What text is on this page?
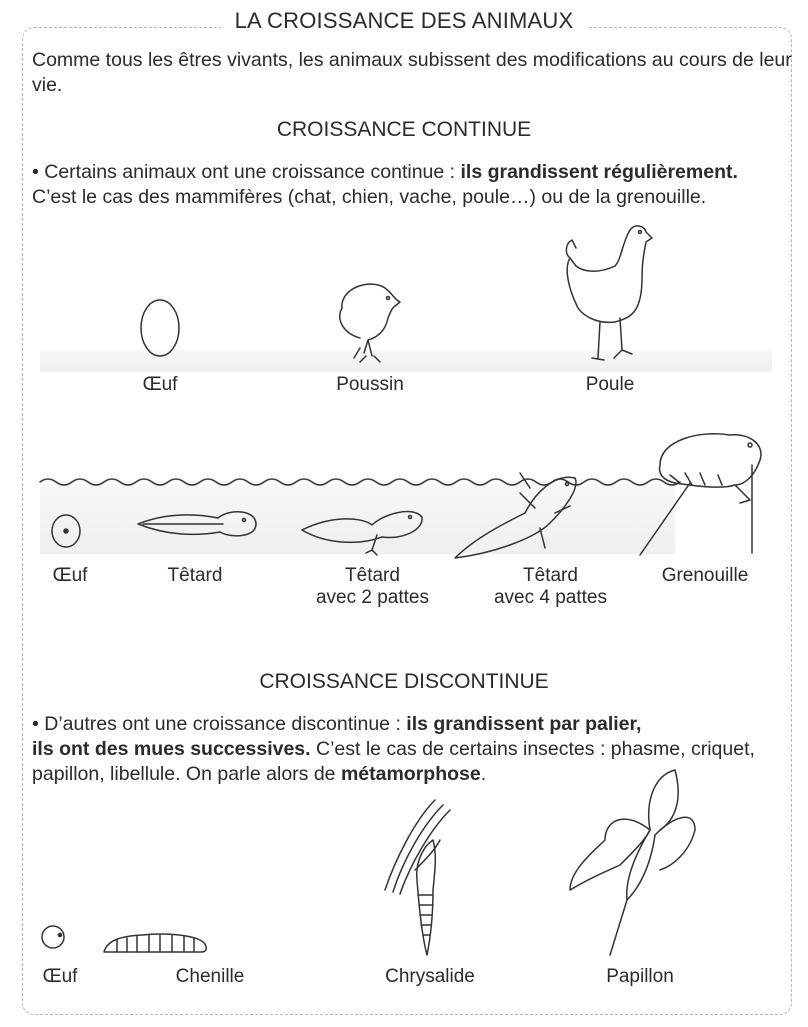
LA CROISSANCE DES ANIMAUX
Comme tous les êtres vivants, les animaux subissent des modifications au cours de leur vie.
CROISSANCE CONTINUE
• Certains animaux ont une croissance continue : ils grandissent régulièrement.
C’est le cas des mammifères (chat, chien, vache, poule…) ou de la grenouille.
Œuf	Poussin	Poule
Œuf	Têtard	Têtard
avec 2 pattes
Têtard
avec 4 pattes
Grenouille
CROISSANCE DISCONTINUE
• D’autres ont une croissance discontinue : ils grandissent par palier,
ils ont des mues successives. C’est le cas de certains insectes : phasme, criquet,
papillon, libellule. On parle alors de métamorphose.
Œuf	Chenille	Chrysalide	Papillon
